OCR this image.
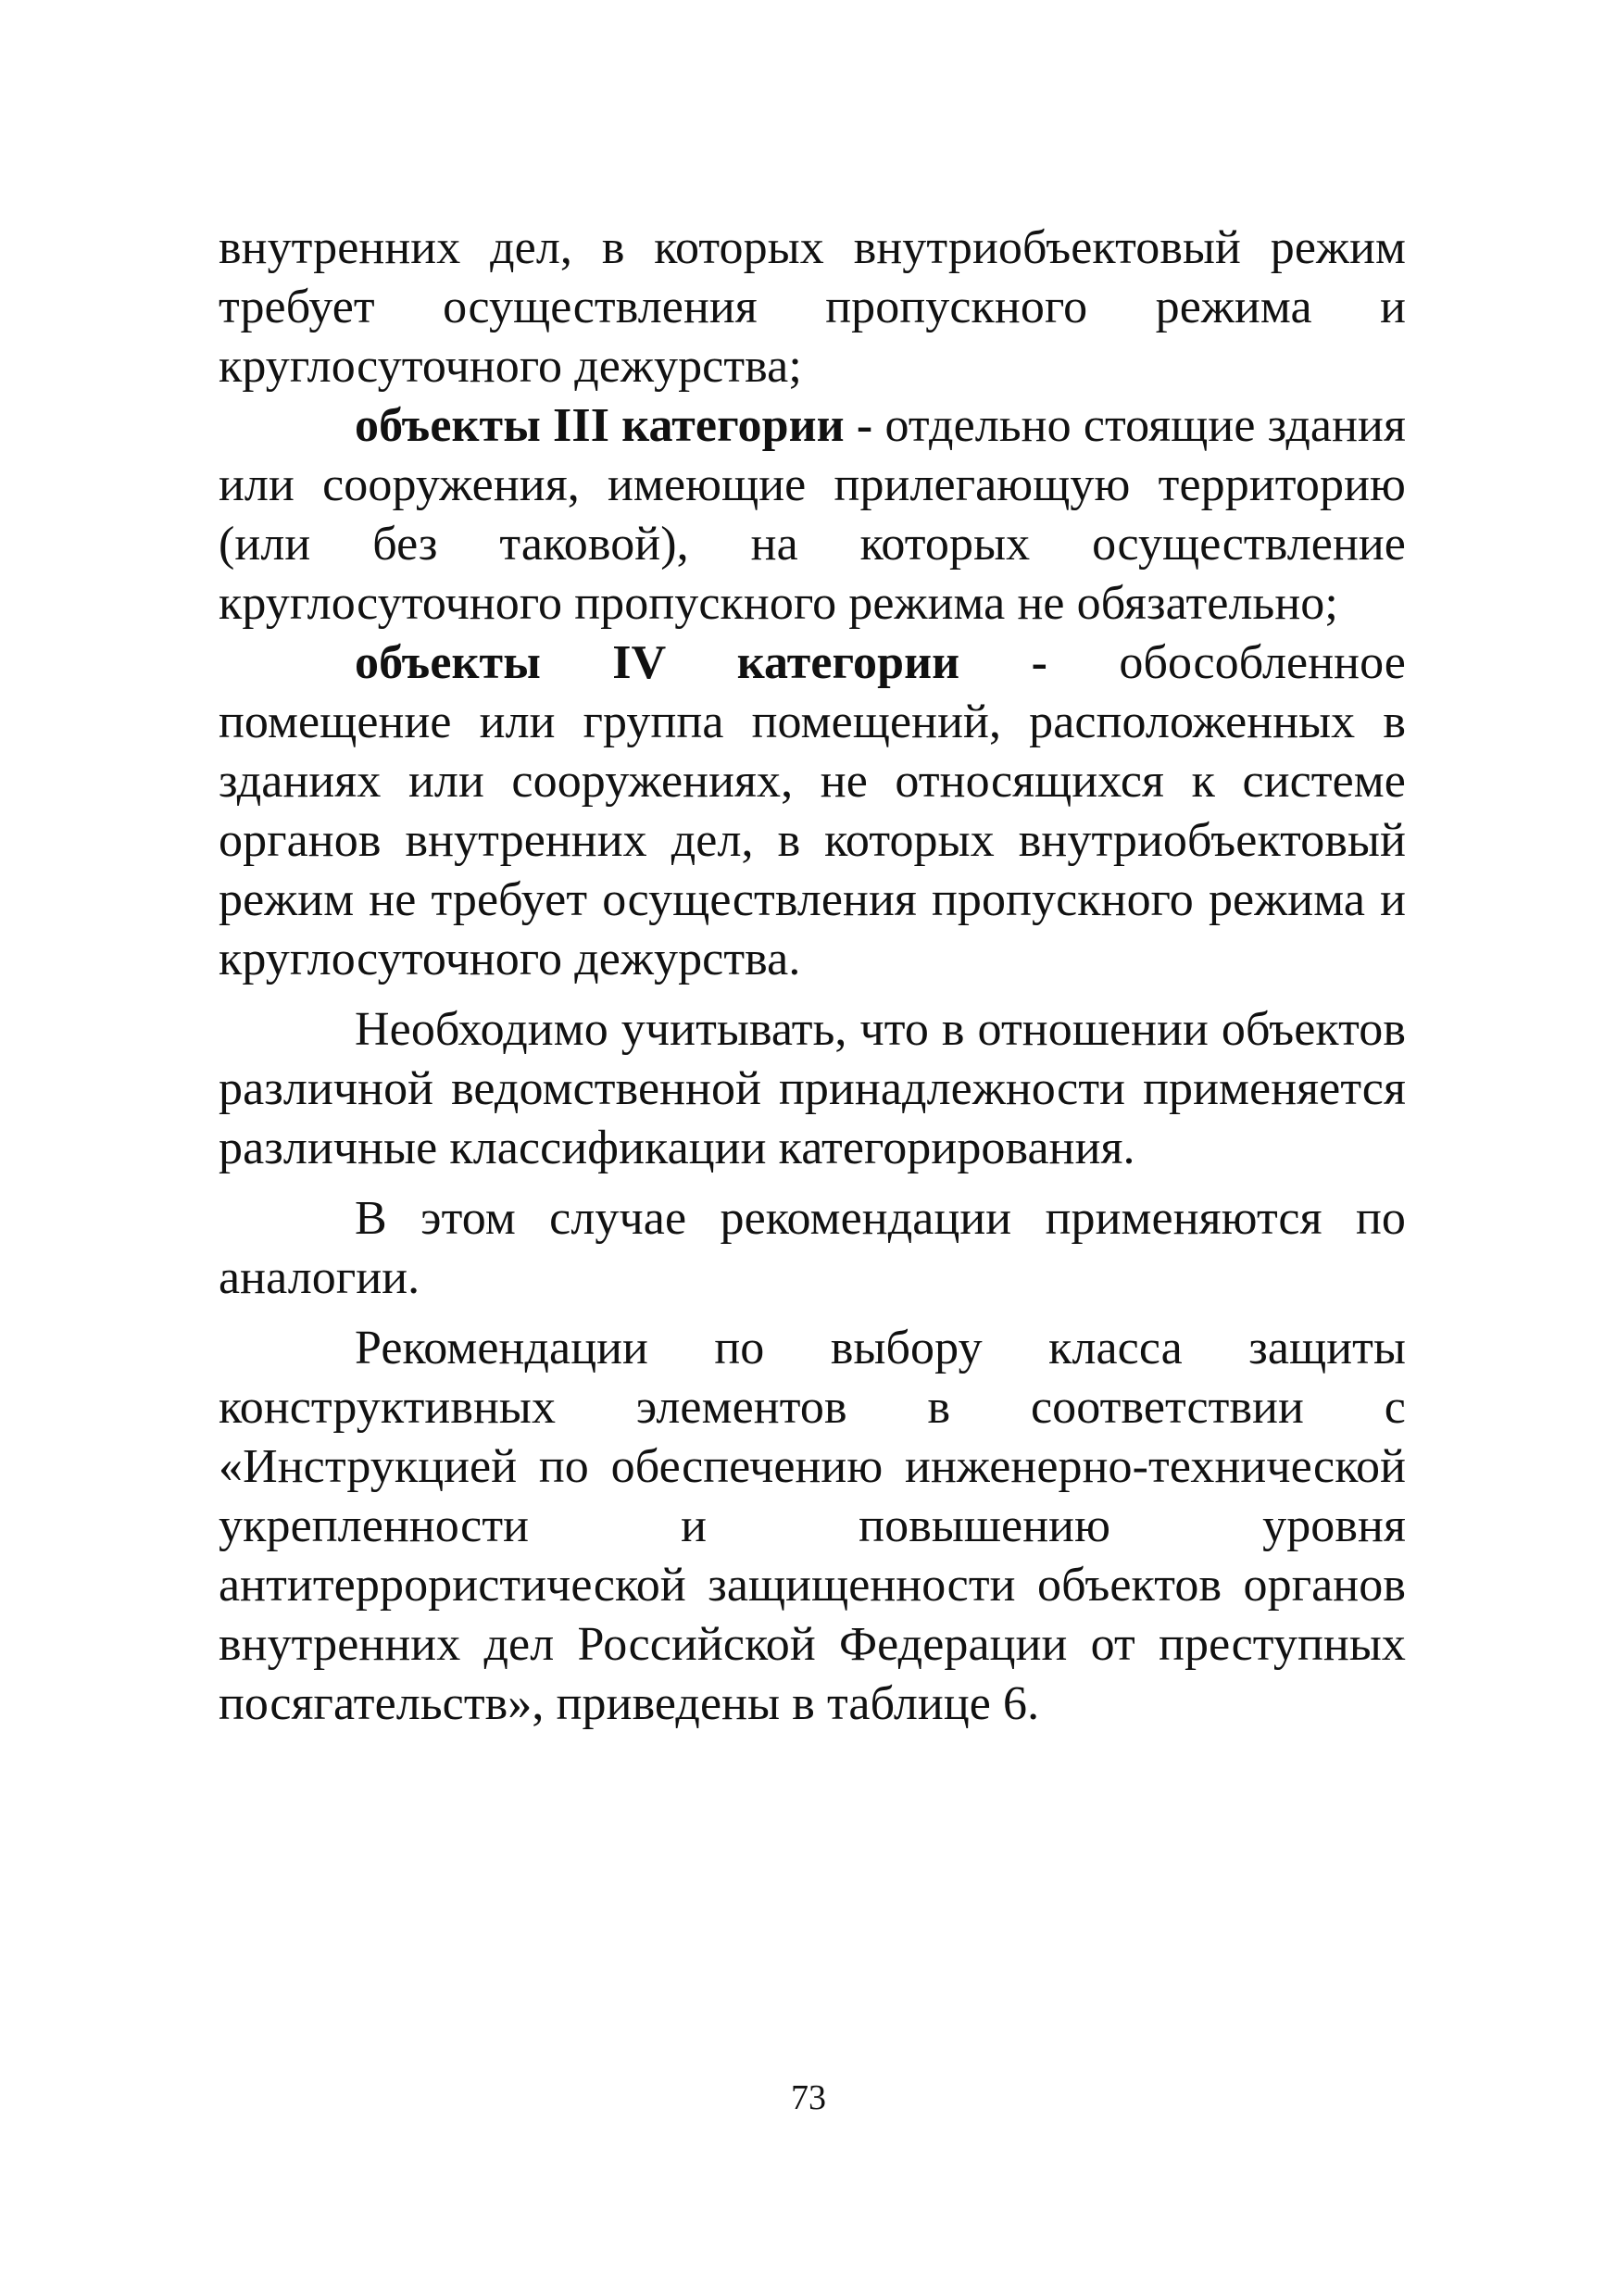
внутренних дел, в которых внутриобъектовый режим требует осуществления пропускного режима и круглосуточного дежурства;

объекты III категории - отдельно стоящие здания или сооружения, имеющие прилегающую территорию (или без таковой), на которых осуществление круглосуточного пропускного режима не обязательно;

объекты IV категории - обособленное помещение или группа помещений, расположенных в зданиях или сооружениях, не относящихся к системе органов внутренних дел, в которых внутриобъектовый режим не требует осуществления пропускного режима и круглосуточного дежурства.

Необходимо учитывать, что в отношении объектов различной ведомственной принадлежности применяется различные классификации категорирования.

В этом случае рекомендации применяются по аналогии.

Рекомендации по выбору класса защиты конструктивных элементов в соответствии с «Инструкцией по обеспечению инженерно-технической укрепленности и повышению уровня антитеррористической защищенности объектов органов внутренних дел Российской Федерации от преступных посягательств», приведены в таблице 6.

73
